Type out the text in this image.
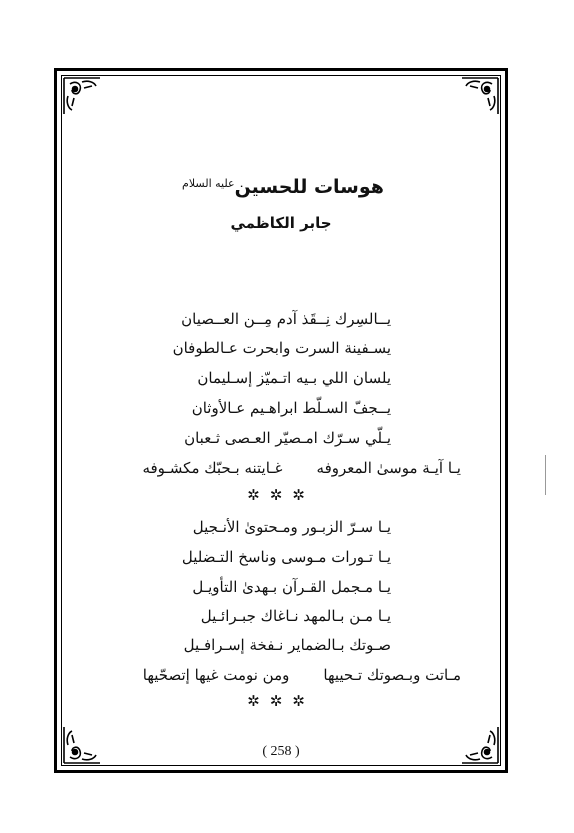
هوسات للحسينعليه السلام
جابر الكاظمي
يــالسِرك نِــقَذ آدم مِــن العــصيان
يسـفينة السرت وابحرت عـالطوفان
يلسان اللي بـيه اتـميّز إسـليمان
يــجفّ السـلّط ابراهـيم عـالأوثان
يـلّي سـرّك امـصيّر العـصى ثـعبان
يـا آيـة موسىٰ المعروفهغـايتنه بـحبّك مكشـوفه
✲✲✲
يـا سـرّ الزبـور ومـحتوىٰ الأنـجيل
يـا تـورات مـوسى وناسخ التـضليل
يـا مـجمل القـرآن بـهدىٰ التأويـل
يـا مـن بـالمهد نـاغاك جبـرائـيل
صـوتك بـالضماير نـفخة إسـرافـيل
مـاتت وبـصوتك تـحييهاومن نومت غيها إتصحّيها
✲✲✲
( 258 )
